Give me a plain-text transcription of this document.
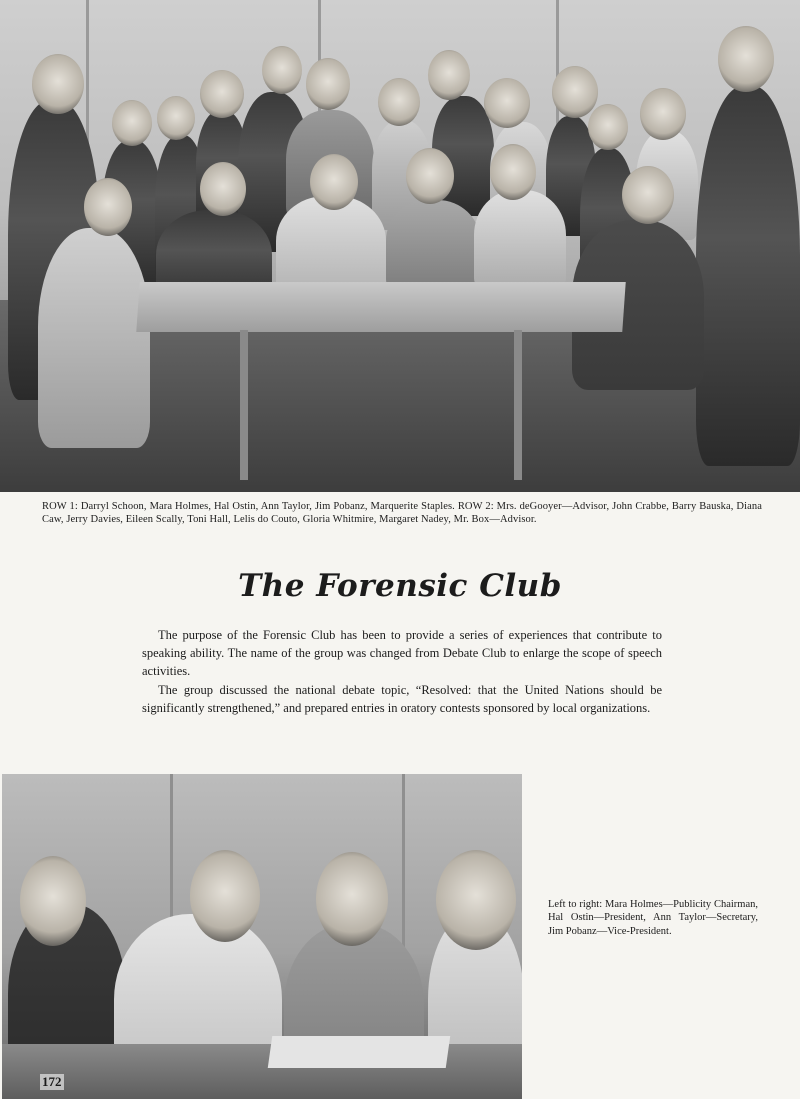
ROW 1: Darryl Schoon, Mara Holmes, Hal Ostin, Ann Taylor, Jim Pobanz, Marquerite Staples. ROW 2: Mrs. deGooyer—Advisor, John Crabbe, Barry Bauska, Diana Caw, Jerry Davies, Eileen Scally, Toni Hall, Lelis do Couto, Gloria Whitmire, Margaret Nadey, Mr. Box—Advisor.
The Forensic Club

The purpose of the Forensic Club has been to provide a series of experiences that contribute to speaking ability. The name of the group was changed from Debate Club to enlarge the scope of speech activities.

The group discussed the national debate topic, “Resolved: that the United Nations should be significantly strengthened,” and prepared entries in oratory contests sponsored by local organizations.

172
Left to right: Mara Holmes—Publicity Chairman, Hal Ostin—President, Ann Taylor—Secretary, Jim Pobanz—Vice-President.
